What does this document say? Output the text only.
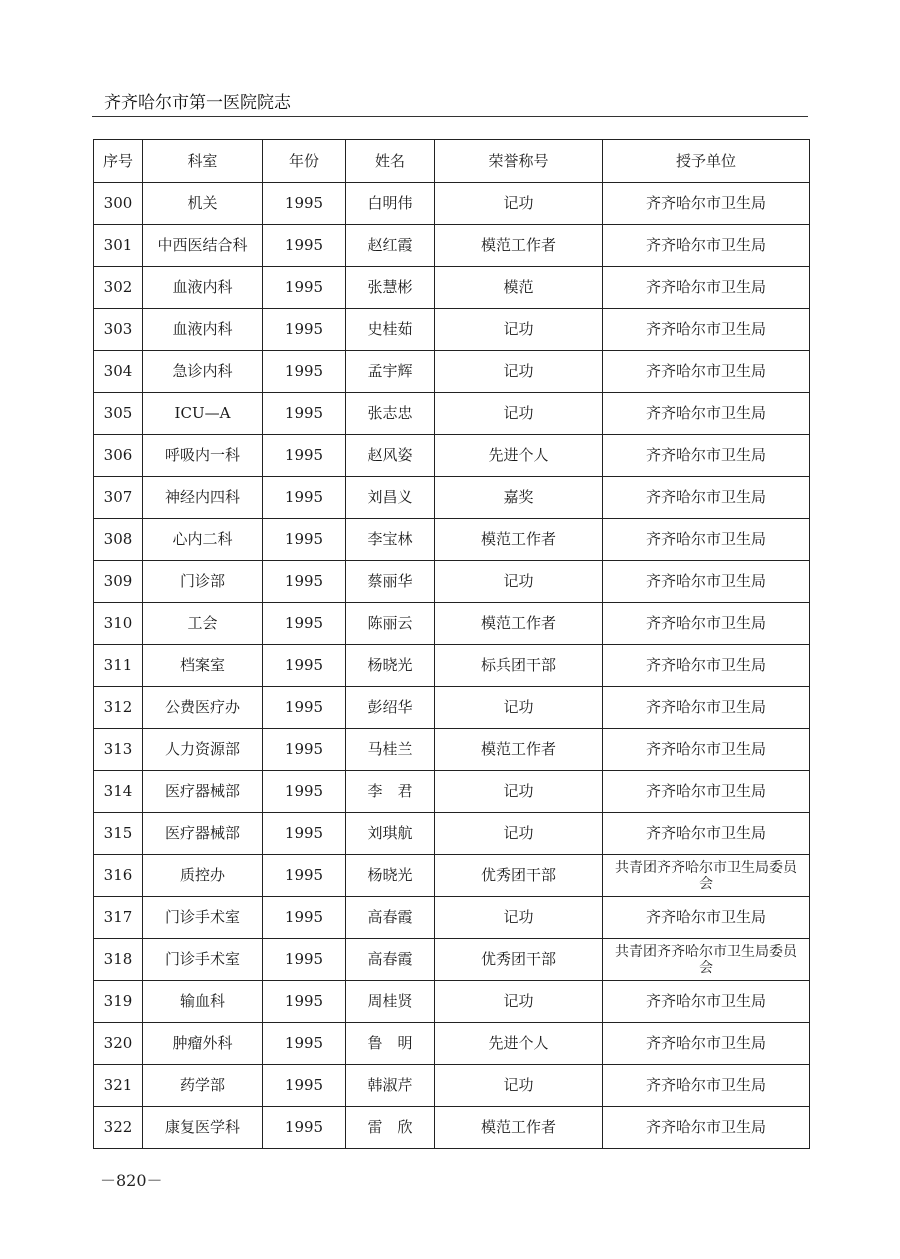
齐齐哈尔市第一医院院志
序号	科室	年份	姓名	荣誉称号	授予单位
300	机关	1995	白明伟	记功	齐齐哈尔市卫生局
301	中西医结合科	1995	赵红霞	模范工作者	齐齐哈尔市卫生局
302	血液内科	1995	张慧彬	模范	齐齐哈尔市卫生局
303	血液内科	1995	史桂茹	记功	齐齐哈尔市卫生局
304	急诊内科	1995	孟宇辉	记功	齐齐哈尔市卫生局
305	ICU—A	1995	张志忠	记功	齐齐哈尔市卫生局
306	呼吸内一科	1995	赵风姿	先进个人	齐齐哈尔市卫生局
307	神经内四科	1995	刘昌义	嘉奖	齐齐哈尔市卫生局
308	心内二科	1995	李宝林	模范工作者	齐齐哈尔市卫生局
309	门诊部	1995	蔡丽华	记功	齐齐哈尔市卫生局
310	工会	1995	陈丽云	模范工作者	齐齐哈尔市卫生局
311	档案室	1995	杨晓光	标兵团干部	齐齐哈尔市卫生局
312	公费医疗办	1995	彭绍华	记功	齐齐哈尔市卫生局
313	人力资源部	1995	马桂兰	模范工作者	齐齐哈尔市卫生局
314	医疗器械部	1995	李　君	记功	齐齐哈尔市卫生局
315	医疗器械部	1995	刘琪航	记功	齐齐哈尔市卫生局
316	质控办	1995	杨晓光	优秀团干部	共青团齐齐哈尔市卫生局委员会
317	门诊手术室	1995	高春霞	记功	齐齐哈尔市卫生局
318	门诊手术室	1995	高春霞	优秀团干部	共青团齐齐哈尔市卫生局委员会
319	输血科	1995	周桂贤	记功	齐齐哈尔市卫生局
320	肿瘤外科	1995	鲁　明	先进个人	齐齐哈尔市卫生局
321	药学部	1995	韩淑芹	记功	齐齐哈尔市卫生局
322	康复医学科	1995	雷　欣	模范工作者	齐齐哈尔市卫生局
－820－
